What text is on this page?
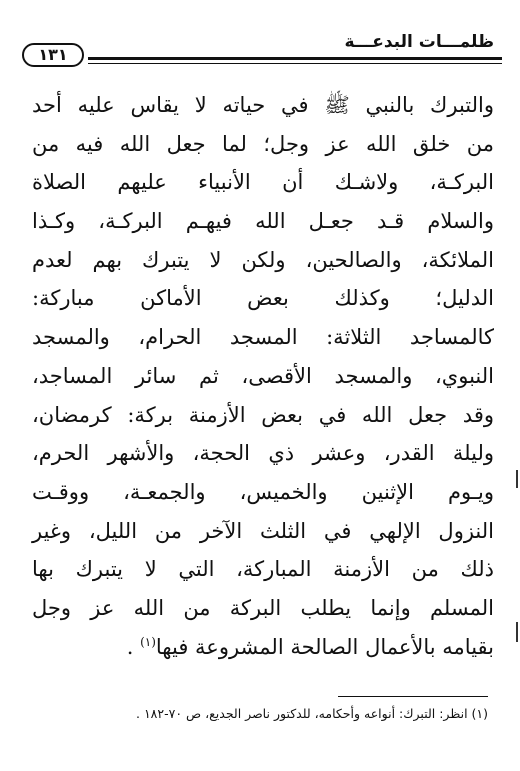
ظلمـــات البدعـــة
١٣١
والتبرك بالنبي ﷺ في حياته لا يقاس عليه أحد
من خلق الله عز وجل؛ لما جعل الله فيه من
البركـة، ولاشـك أن الأنبياء عليهم الصلاة
والسلام قـد جعـل الله فيهـم البركـة، وكـذا
الملائكة، والصالحين، ولكن لا يتبرك بهم لعدم
الدليل؛ وكذلك بعض الأماكن مباركة:
كالمساجد الثلاثة: المسجد الحرام، والمسجد
النبوي، والمسجد الأقصى، ثم سائر المساجد،
وقد جعل الله في بعض الأزمنة بركة: كرمضان،
وليلة القدر، وعشر ذي الحجة، والأشهر الحرم،
ويـوم الإثنين والخميس، والجمعـة، ووقـت
النزول الإلهي في الثلث الآخر من الليل، وغير
ذلك من الأزمنة المباركة، التي لا يتبرك بها
المسلم وإنما يطلب البركة من الله عز وجل
بقيامه بالأعمال الصالحة المشروعة فيها$^{(١)}$ .
(١) انظر: التبرك: أنواعه وأحكامه، للدكتور ناصر الجديع، ص ٧٠-١٨٢ .
